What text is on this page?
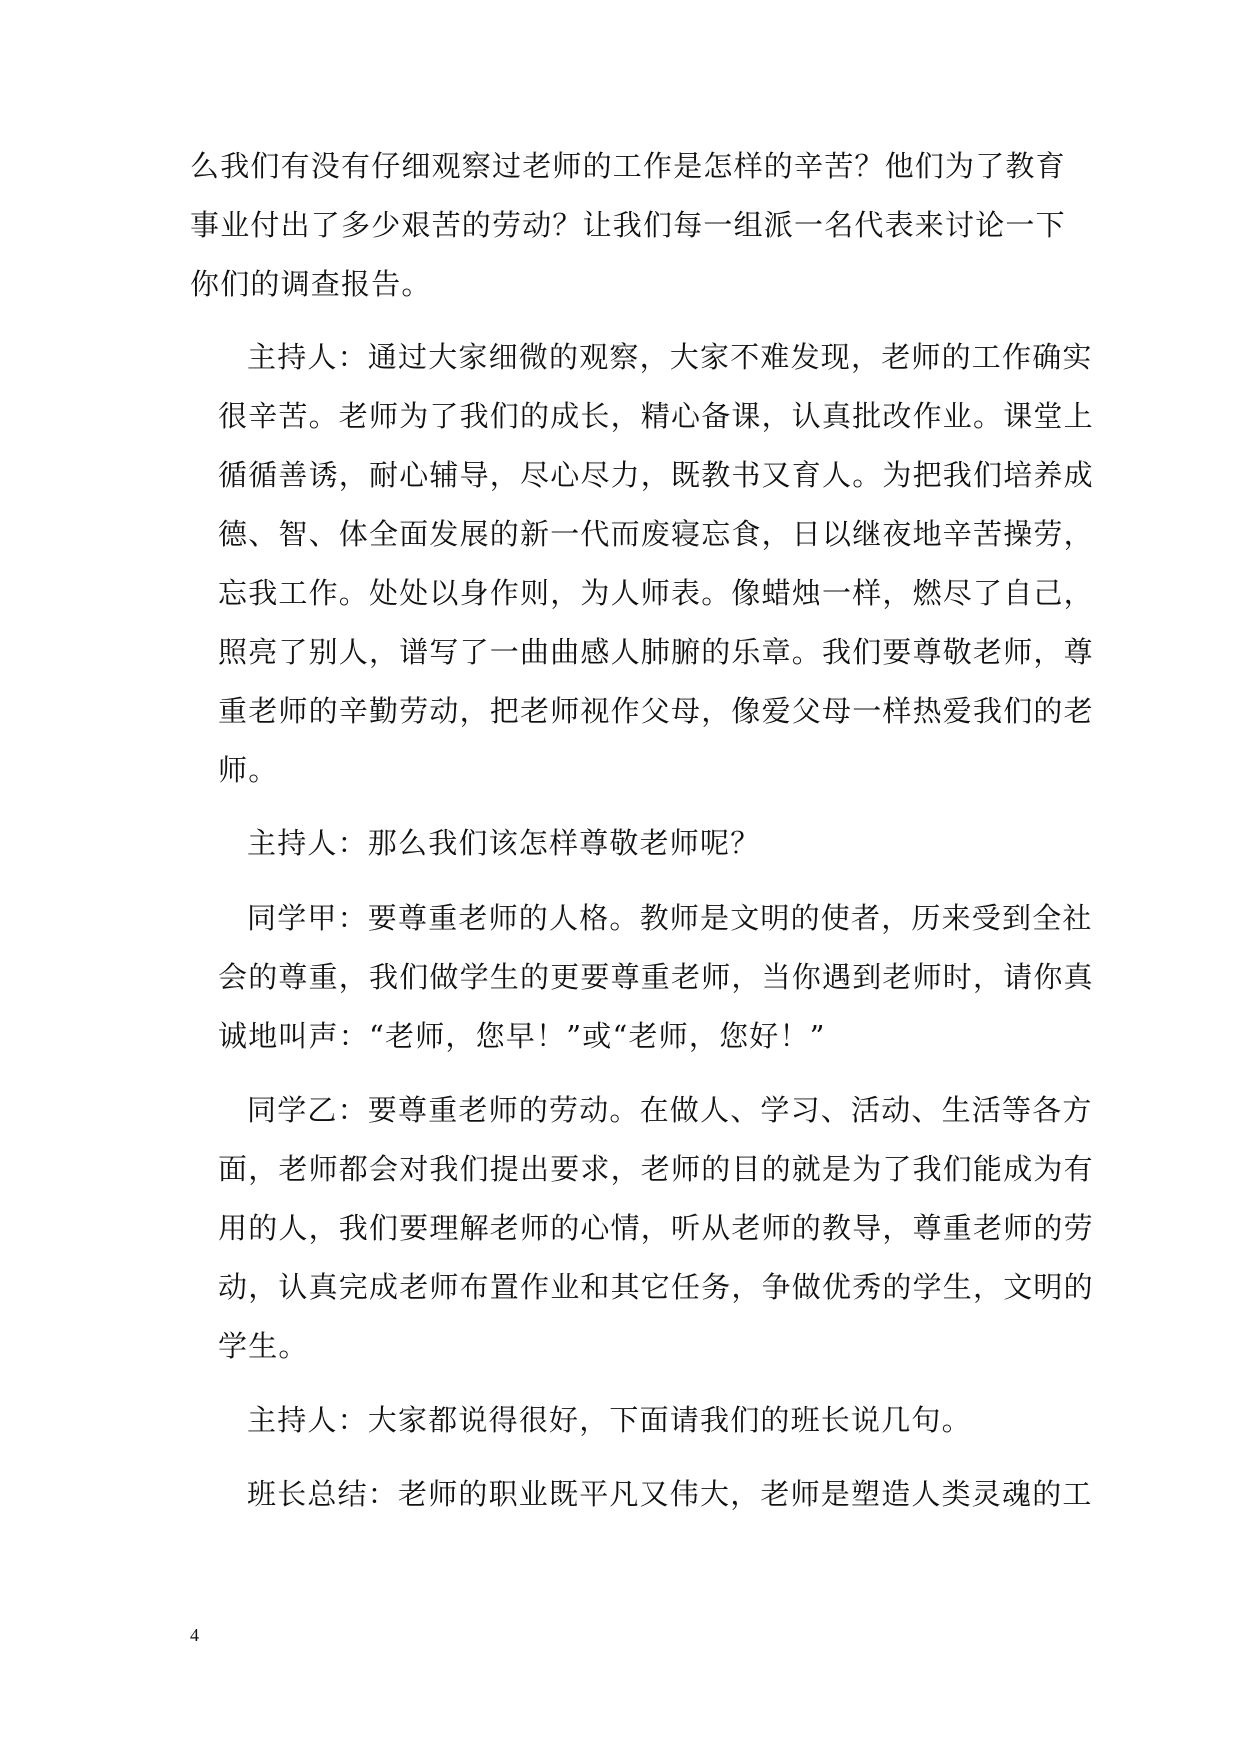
么我们有没有仔细观察过老师的工作是怎样的辛苦？他们为了教育
事业付出了多少艰苦的劳动？让我们每一组派一名代表来讨论一下
你们的调查报告。
主持人：通过大家细微的观察，大家不难发现，老师的工作确实
很辛苦。老师为了我们的成长，精心备课，认真批改作业。课堂上
循循善诱，耐心辅导，尽心尽力，既教书又育人。为把我们培养成
德、智、体全面发展的新一代而废寝忘食，日以继夜地辛苦操劳，
忘我工作。处处以身作则，为人师表。像蜡烛一样，燃尽了自己，
照亮了别人，谱写了一曲曲感人肺腑的乐章。我们要尊敬老师，尊
重老师的辛勤劳动，把老师视作父母，像爱父母一样热爱我们的老
师。
主持人：那么我们该怎样尊敬老师呢？
同学甲：要尊重老师的人格。教师是文明的使者，历来受到全社
会的尊重，我们做学生的更要尊重老师，当你遇到老师时，请你真
诚地叫声：“老师，您早！”或“老师，您好！”
同学乙：要尊重老师的劳动。在做人、学习、活动、生活等各方
面，老师都会对我们提出要求，老师的目的就是为了我们能成为有
用的人，我们要理解老师的心情，听从老师的教导，尊重老师的劳
动，认真完成老师布置作业和其它任务，争做优秀的学生，文明的
学生。
主持人：大家都说得很好，下面请我们的班长说几句。
班长总结：老师的职业既平凡又伟大，老师是塑造人类灵魂的工
4
